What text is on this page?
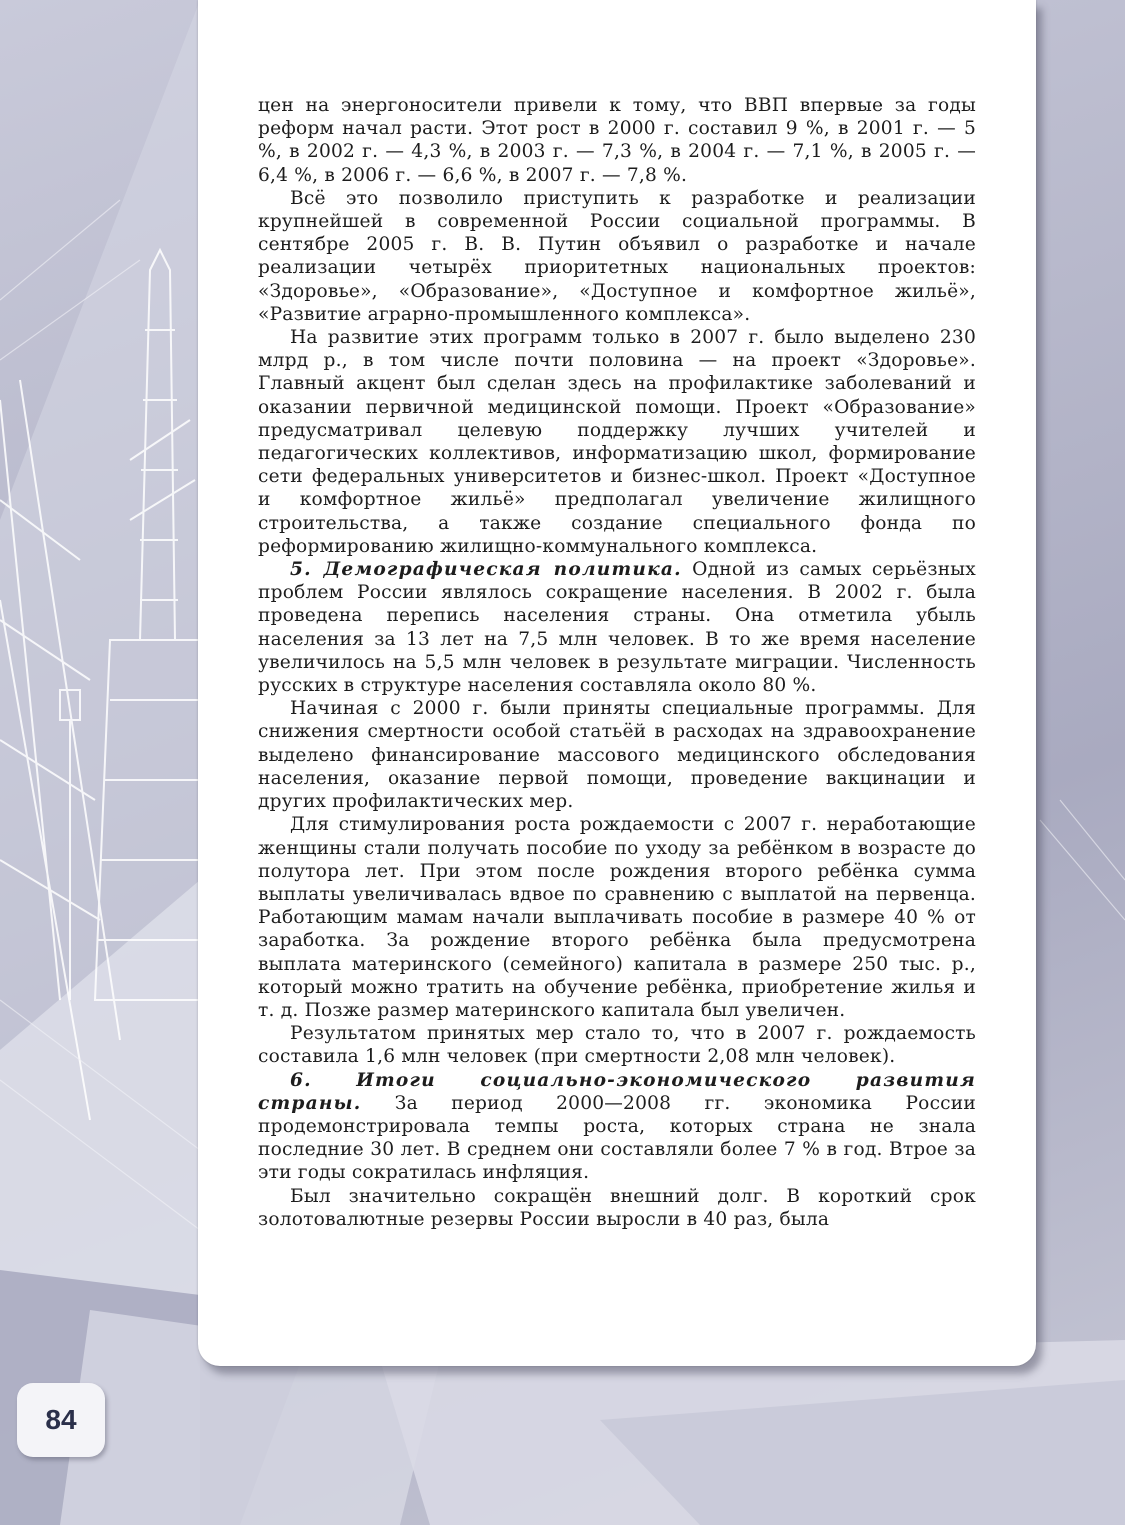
цен на энергоносители привели к тому, что ВВП впервые за годы реформ начал расти. Этот рост в 2000 г. составил 9 %, в 2001 г. — 5 %, в 2002 г. — 4,3 %, в 2003 г. — 7,3 %, в 2004 г. — 7,1 %, в 2005 г. — 6,4 %, в 2006 г. — 6,6 %, в 2007 г. — 7,8 %.

Всё это позволило приступить к разработке и реализации крупнейшей в современной России социальной программы. В сентябре 2005 г. В. В. Путин объявил о разработке и начале реализации четырёх приоритетных национальных проектов: «Здоровье», «Образование», «Доступное и комфортное жильё», «Развитие аграрно-промышленного комплекса».

На развитие этих программ только в 2007 г. было выделено 230 млрд р., в том числе почти половина — на проект «Здоровье». Главный акцент был сделан здесь на профилактике заболеваний и оказании первичной медицинской помощи. Проект «Образование» предусматривал целевую поддержку лучших учителей и педагогических коллективов, информатизацию школ, формирование сети федеральных университетов и бизнес-школ. Проект «Доступное и комфортное жильё» предполагал увеличение жилищного строительства, а также создание специального фонда по реформированию жилищно-коммунального комплекса.

5. Демографическая политика. Одной из самых серьёзных проблем России являлось сокращение населения. В 2002 г. была проведена перепись населения страны. Она отметила убыль населения за 13 лет на 7,5 млн человек. В то же время население увеличилось на 5,5 млн человек в результате миграции. Численность русских в структуре населения составляла около 80 %.

Начиная с 2000 г. были приняты специальные программы. Для снижения смертности особой статьёй в расходах на здравоохранение выделено финансирование массового медицинского обследования населения, оказание первой помощи, проведение вакцинации и других профилактических мер.

Для стимулирования роста рождаемости с 2007 г. неработающие женщины стали получать пособие по уходу за ребёнком в возрасте до полутора лет. При этом после рождения второго ребёнка сумма выплаты увеличивалась вдвое по сравнению с выплатой на первенца. Работающим мамам начали выплачивать пособие в размере 40 % от заработка. За рождение второго ребёнка была предусмотрена выплата материнского (семейного) капитала в размере 250 тыс. р., который можно тратить на обучение ребёнка, приобретение жилья и т. д. Позже размер материнского капитала был увеличен.

Результатом принятых мер стало то, что в 2007 г. рождаемость составила 1,6 млн человек (при смертности 2,08 млн человек).

6. Итоги социально-экономического развития страны. За период 2000—2008 гг. экономика России продемонстрировала темпы роста, которых страна не знала последние 30 лет. В среднем они составляли более 7 % в год. Втрое за эти годы сократилась инфляция.

Был значительно сокращён внешний долг. В короткий срок золотовалютные резервы России выросли в 40 раз, была

84
